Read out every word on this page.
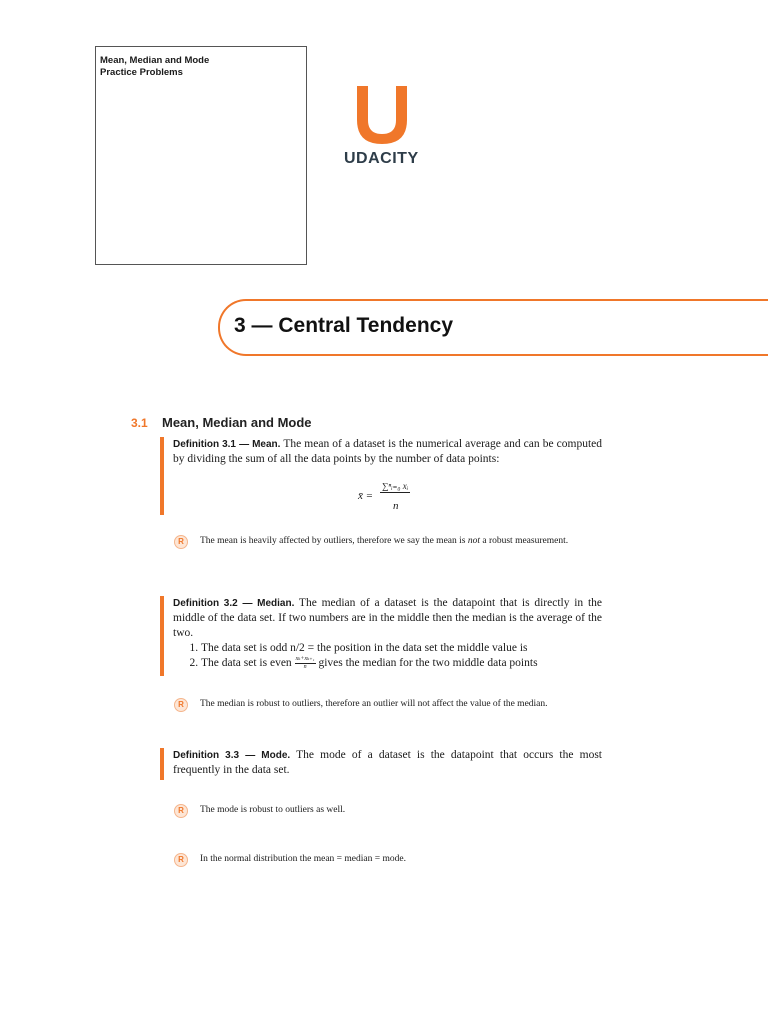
Mean, Median and Mode
Practice Problems
UDACITY
3 — Central Tendency
3.1 Mean, Median and Mode
Definition 3.1 — Mean. The mean of a dataset is the numerical average and can be computed by dividing the sum of all the data points by the number of data points:
x̄ =
∑ⁿᵢ₌₀ xᵢ
n
R	The mean is heavily affected by outliers, therefore we say the mean is not a robust measurement.
Definition 3.2 — Median. The median of a dataset is the datapoint that is directly in the middle of the data set. If two numbers are in the middle then the median is the average of the two.
1. The data set is odd n/2 = the position in the data set the middle value is
2. The data set is even $\frac{\text{xₖ+xₖ₊₁}}{n}$ gives the median for the two middle data points
R	The median is robust to outliers, therefore an outlier will not affect the value of the median.
Definition 3.3 — Mode. The mode of a dataset is the datapoint that occurs the most frequently in the data set.
R	The mode is robust to outliers as well.
R	In the normal distribution the mean = median = mode.
